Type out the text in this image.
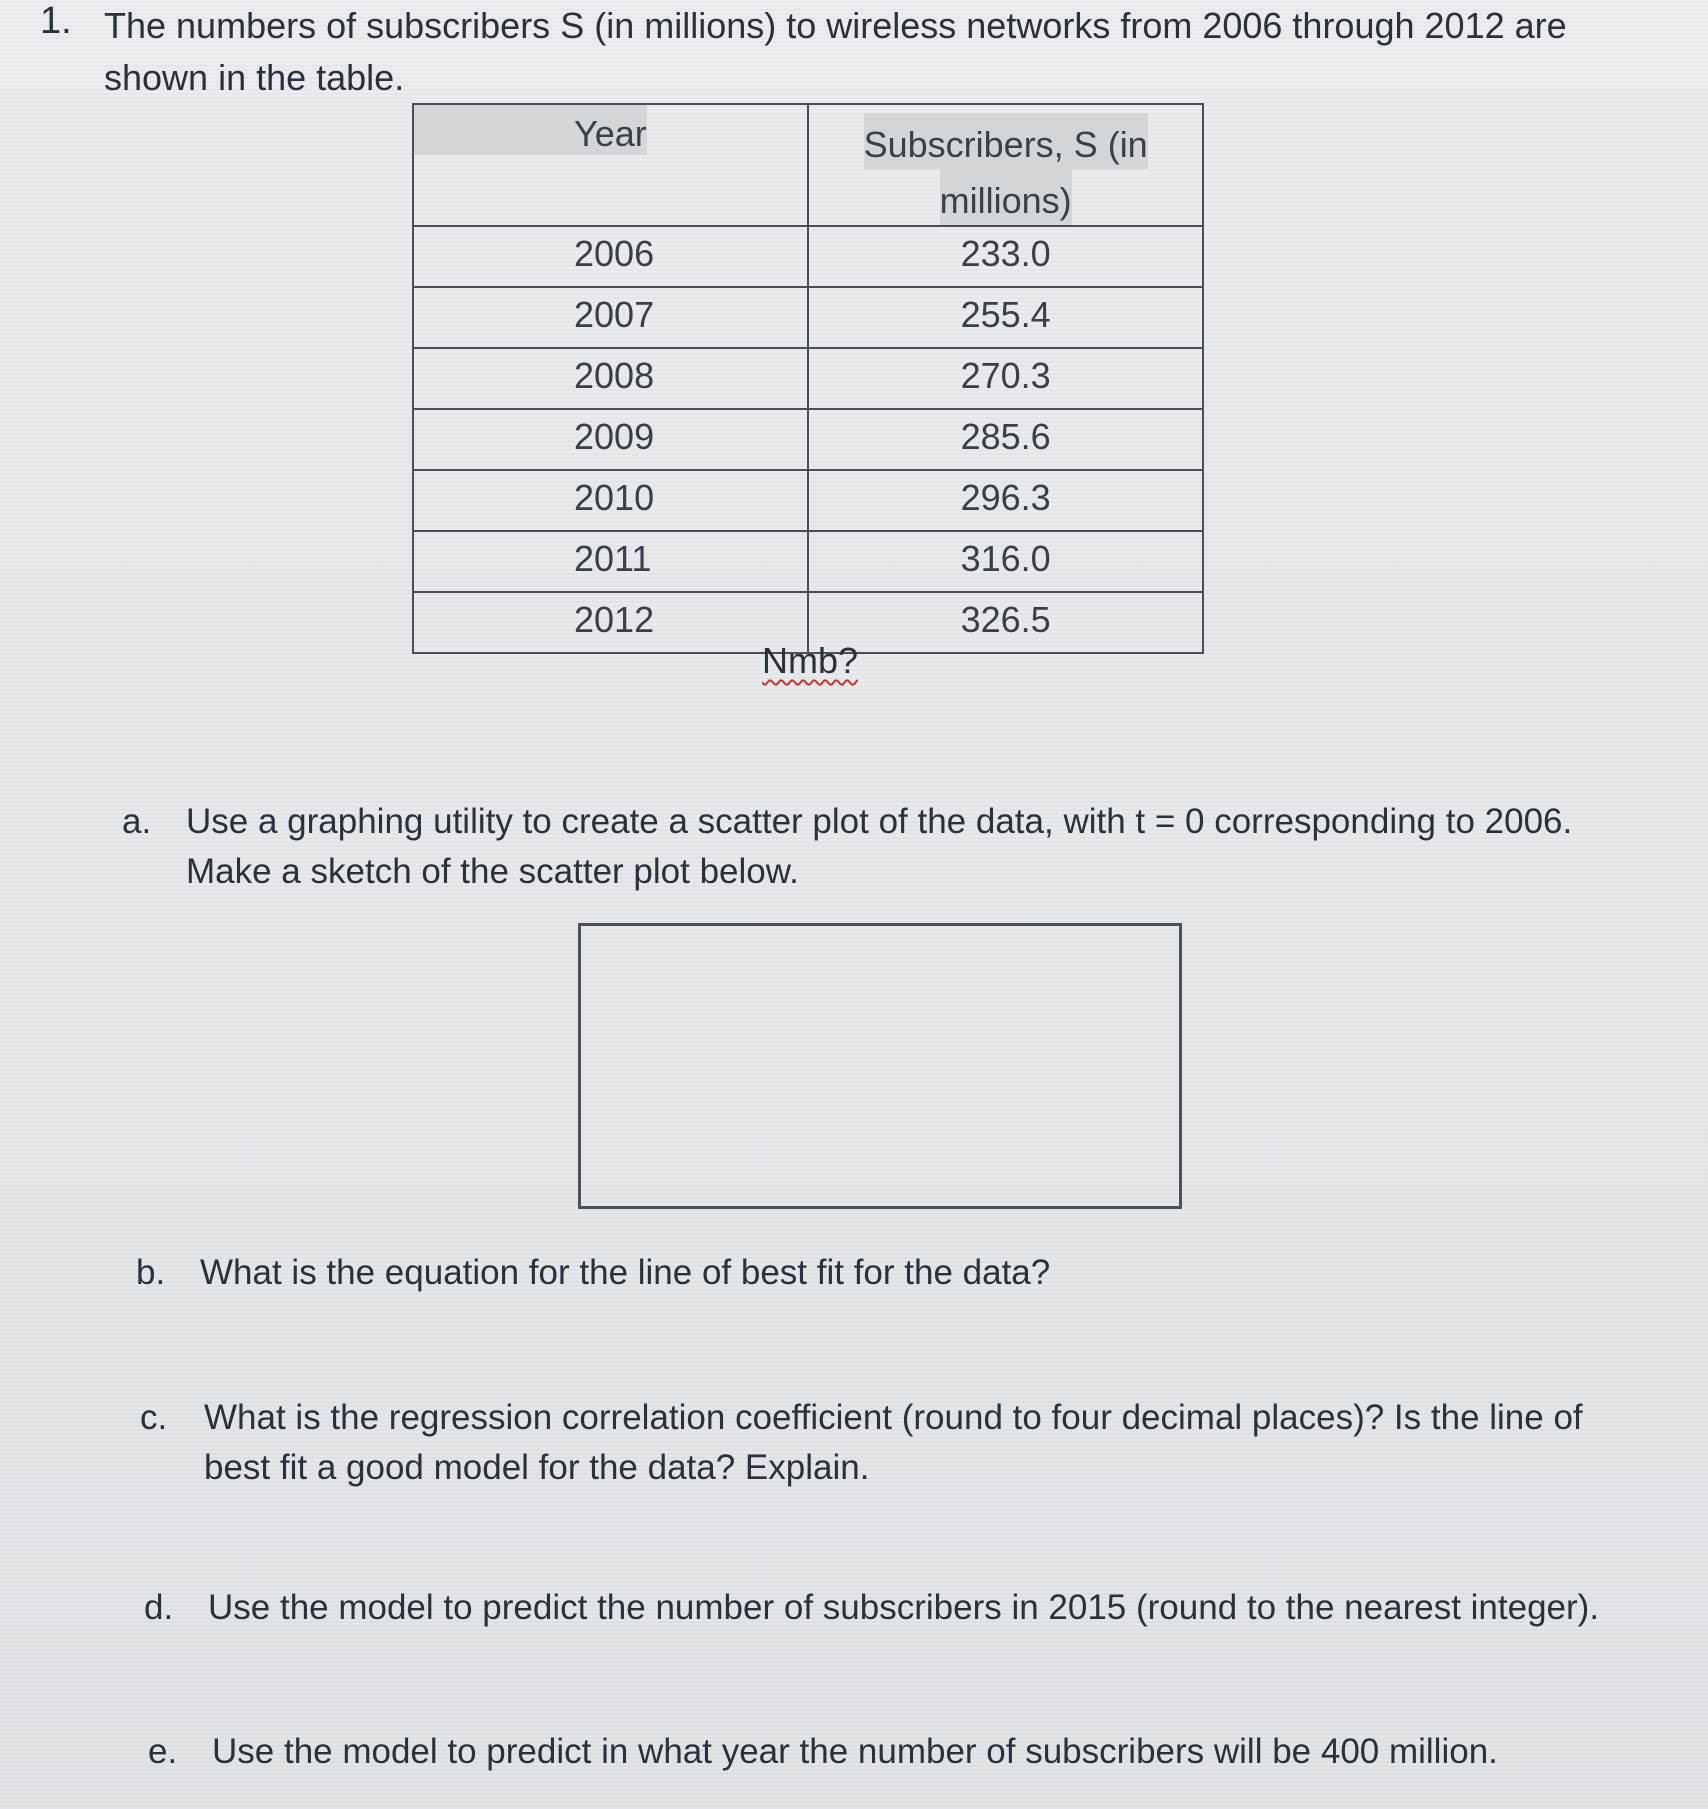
1. The numbers of subscribers S (in millions) to wireless networks from 2006 through 2012 are shown in the table.
Year	Subscribers, S (in
millions)
2006	233.0
2007	255.4
2008	270.3
2009	285.6
2010	296.3
2011	316.0
2012	326.5
Nmb?
a. Use a graphing utility to create a scatter plot of the data, with t = 0 corresponding to 2006. Make a sketch of the scatter plot below.
b. What is the equation for the line of best fit for the data?
c. What is the regression correlation coefficient (round to four decimal places)? Is the line of best fit a good model for the data? Explain.
d. Use the model to predict the number of subscribers in 2015 (round to the nearest integer).
e. Use the model to predict in what year the number of subscribers will be 400 million.
